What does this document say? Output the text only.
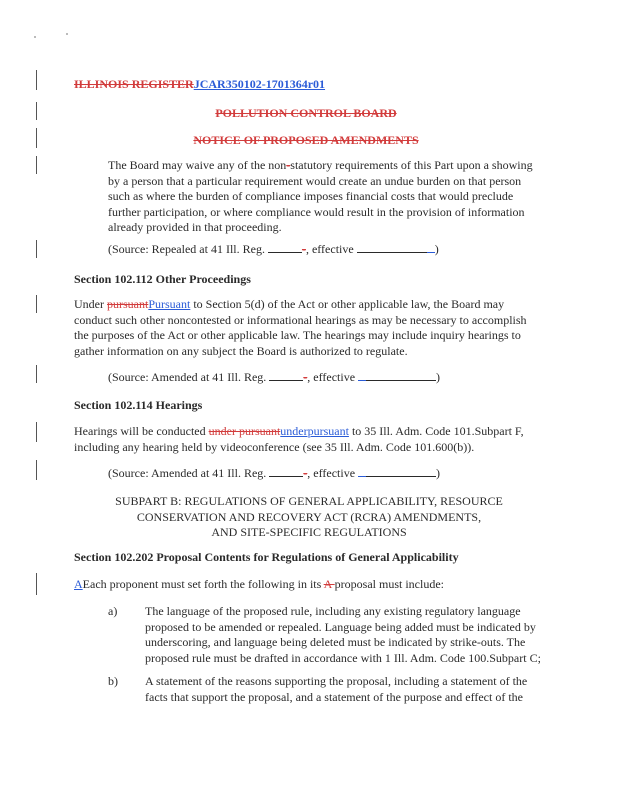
ILLINOIS REGISTERJCAR350102-1701364r01
POLLUTION CONTROL BOARD
NOTICE OF PROPOSED AMENDMENTS
The Board may waive any of the non-statutory requirements of this Part upon a showing by a person that a particular requirement would create an undue burden on that person such as where the burden of compliance imposes financial costs that would preclude further participation, or where compliance would result in the provision of information already provided in that proceeding.
(Source: Repealed at 41 Ill. Reg.	-, effective	)
Section 102.112 Other Proceedings
Under pursuantPursuant to Section 5(d) of the Act or other applicable law, the Board may conduct such other noncontested or informational hearings as may be necessary to accomplish the purposes of the Act or other applicable law. The hearings may include inquiry hearings to gather information on any subject the Board is authorized to regulate.
(Source: Amended at 41 Ill. Reg.	-, effective	)
Section 102.114 Hearings
Hearings will be conducted under pursuantunderpursuant to 35 Ill. Adm. Code 101.Subpart F, including any hearing held by videoconference (see 35 Ill. Adm. Code 101.600(b)).
(Source: Amended at 41 Ill. Reg.	-, effective	)
SUBPART B: REGULATIONS OF GENERAL APPLICABILITY, RESOURCE
CONSERVATION AND RECOVERY ACT (RCRA) AMENDMENTS,
AND SITE-SPECIFIC REGULATIONS
Section 102.202 Proposal Contents for Regulations of General Applicability
AEach proponent must set forth the following in its A proposal must include:
a) The language of the proposed rule, including any existing regulatory language proposed to be amended or repealed. Language being added must be indicated by underscoring, and language being deleted must be indicated by strike-outs. The proposed rule must be drafted in accordance with 1 Ill. Adm. Code 100.Subpart C;
b) A statement of the reasons supporting the proposal, including a statement of the facts that support the proposal, and a statement of the purpose and effect of the
